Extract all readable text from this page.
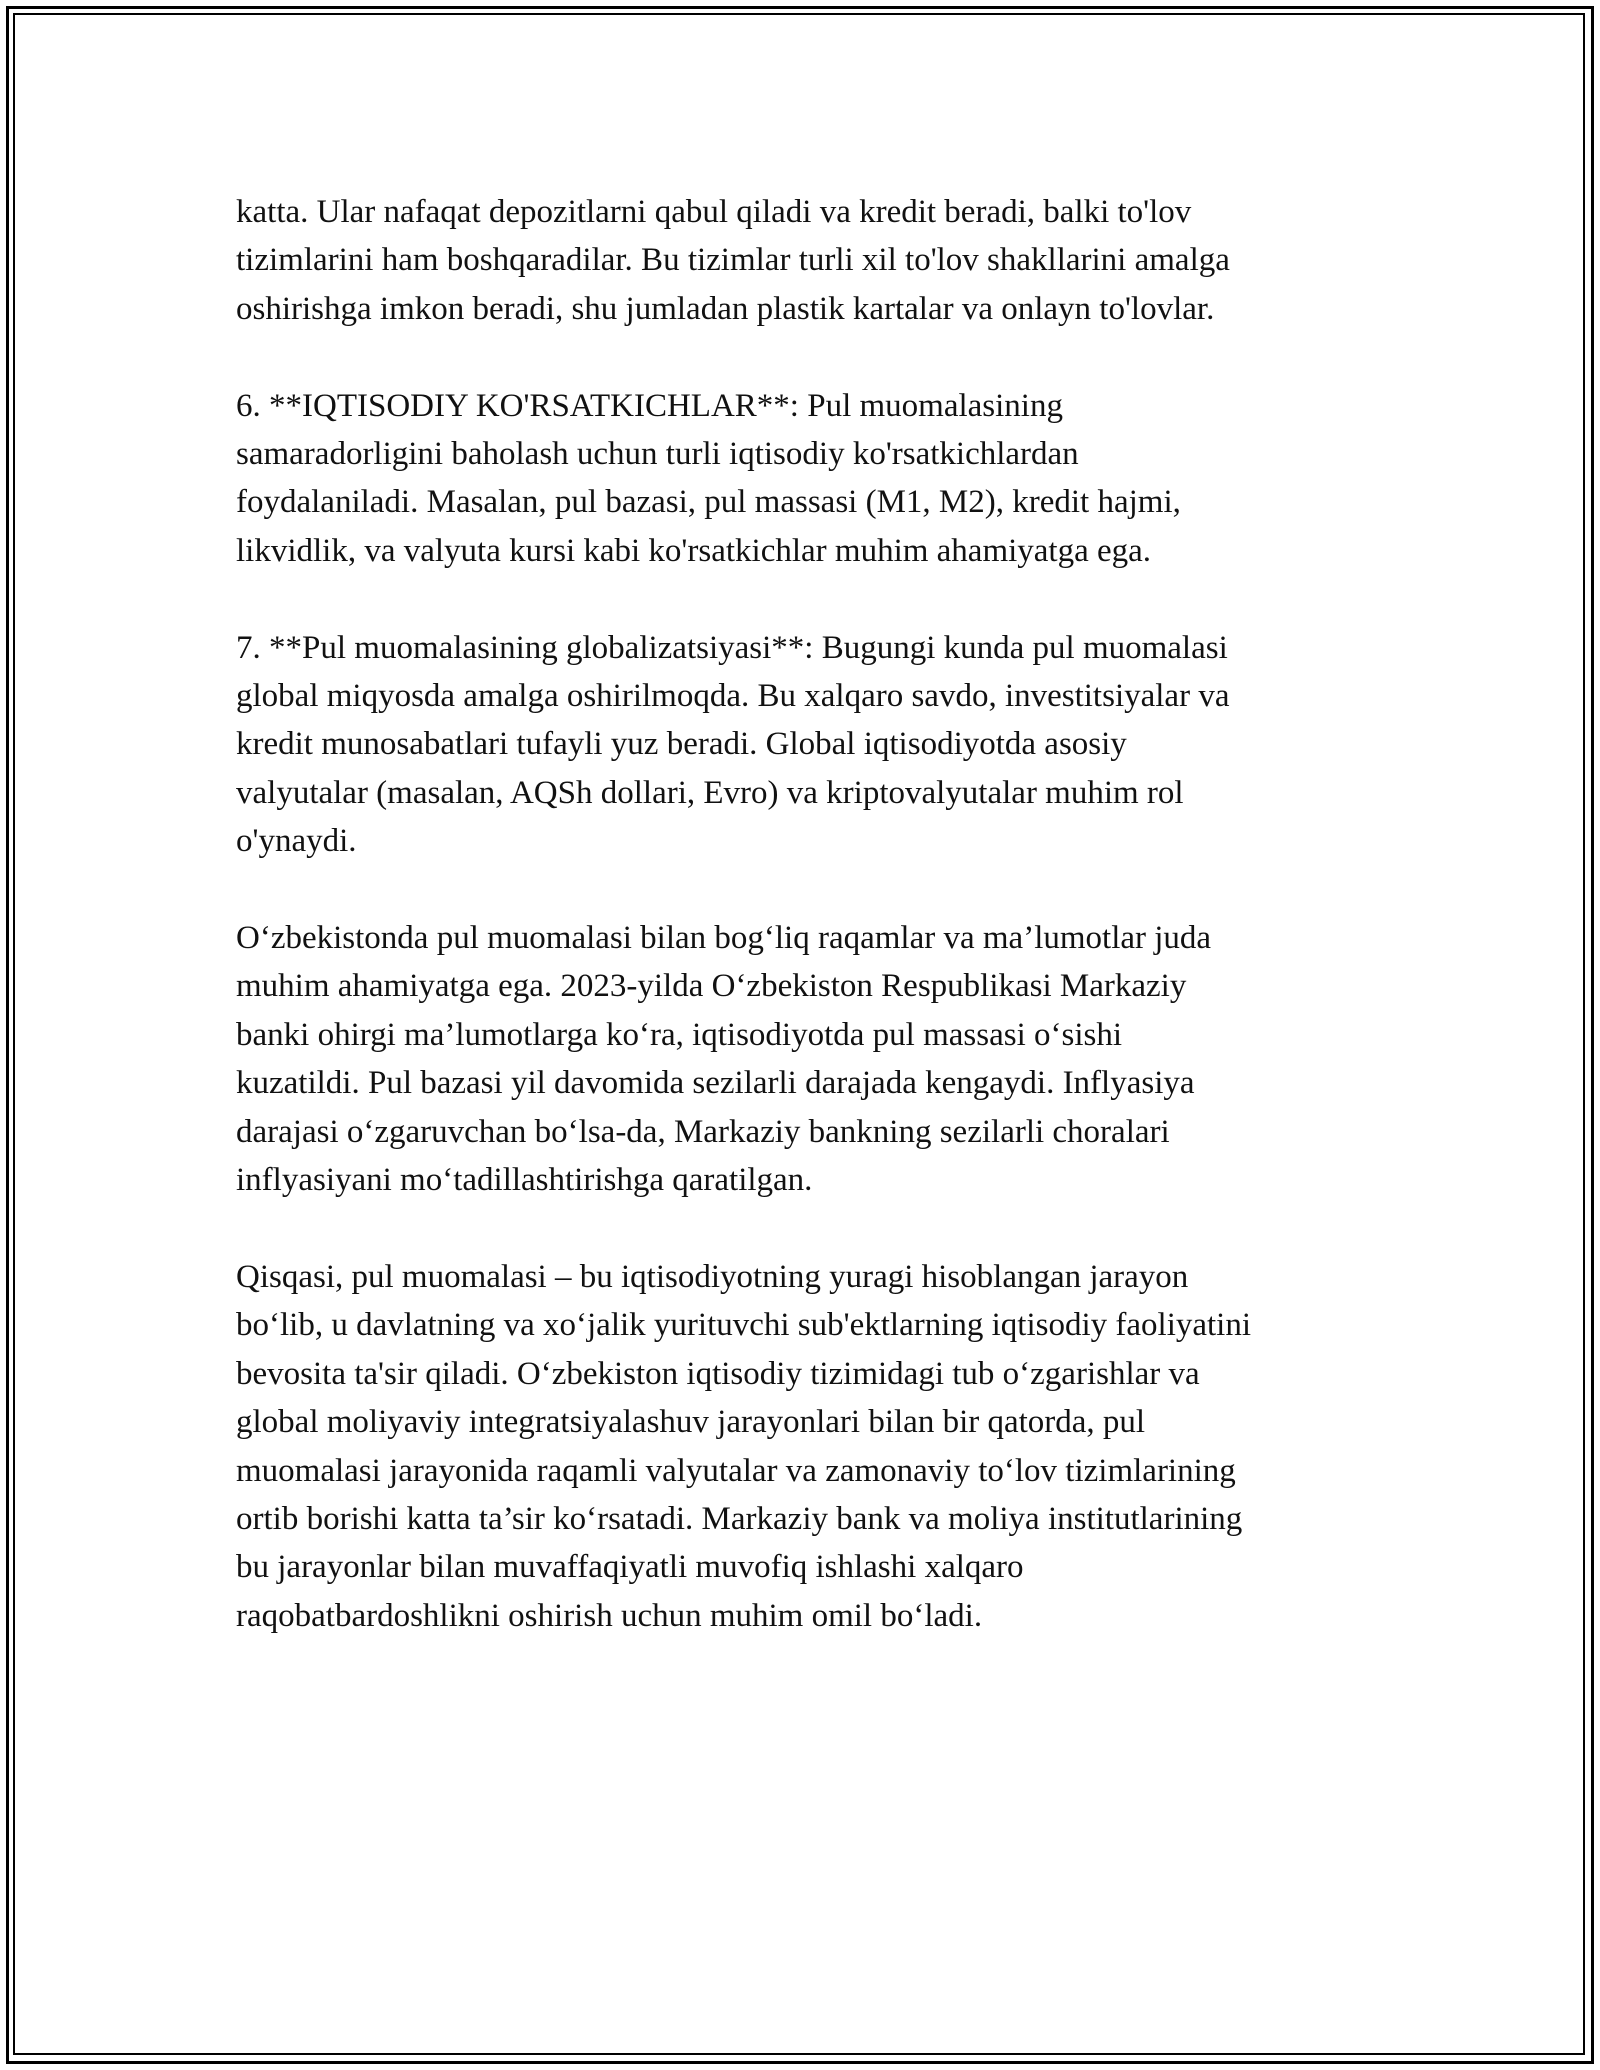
katta. Ular nafaqat depozitlarni qabul qiladi va kredit beradi, balki to'lov
tizimlarini ham boshqaradilar. Bu tizimlar turli xil to'lov shakllarini amalga
oshirishga imkon beradi, shu jumladan plastik kartalar va onlayn to'lovlar.

6. **IQTISODIY KO'RSATKICHLAR**: Pul muomalasining
samaradorligini baholash uchun turli iqtisodiy ko'rsatkichlardan
foydalaniladi. Masalan, pul bazasi, pul massasi (M1, M2), kredit hajmi,
likvidlik, va valyuta kursi kabi ko'rsatkichlar muhim ahamiyatga ega.

7. **Pul muomalasining globalizatsiyasi**: Bugungi kunda pul muomalasi
global miqyosda amalga oshirilmoqda. Bu xalqaro savdo, investitsiyalar va
kredit munosabatlari tufayli yuz beradi. Global iqtisodiyotda asosiy
valyutalar (masalan, AQSh dollari, Evro) va kriptovalyutalar muhim rol
o'ynaydi.

O‘zbekistonda pul muomalasi bilan bog‘liq raqamlar va ma’lumotlar juda
muhim ahamiyatga ega. 2023-yilda O‘zbekiston Respublikasi Markaziy
banki ohirgi ma’lumotlarga ko‘ra, iqtisodiyotda pul massasi o‘sishi
kuzatildi. Pul bazasi yil davomida sezilarli darajada kengaydi. Inflyasiya
darajasi o‘zgaruvchan bo‘lsa-da, Markaziy bankning sezilarli choralari
inflyasiyani mo‘tadillashtirishga qaratilgan.

Qisqasi, pul muomalasi – bu iqtisodiyotning yuragi hisoblangan jarayon
bo‘lib, u davlatning va xo‘jalik yurituvchi sub'ektlarning iqtisodiy faoliyatini
bevosita ta'sir qiladi. O‘zbekiston iqtisodiy tizimidagi tub o‘zgarishlar va
global moliyaviy integratsiyalashuv jarayonlari bilan bir qatorda, pul
muomalasi jarayonida raqamli valyutalar va zamonaviy to‘lov tizimlarining
ortib borishi katta ta’sir ko‘rsatadi. Markaziy bank va moliya institutlarining
bu jarayonlar bilan muvaffaqiyatli muvofiq ishlashi xalqaro
raqobatbardoshlikni oshirish uchun muhim omil bo‘ladi.
